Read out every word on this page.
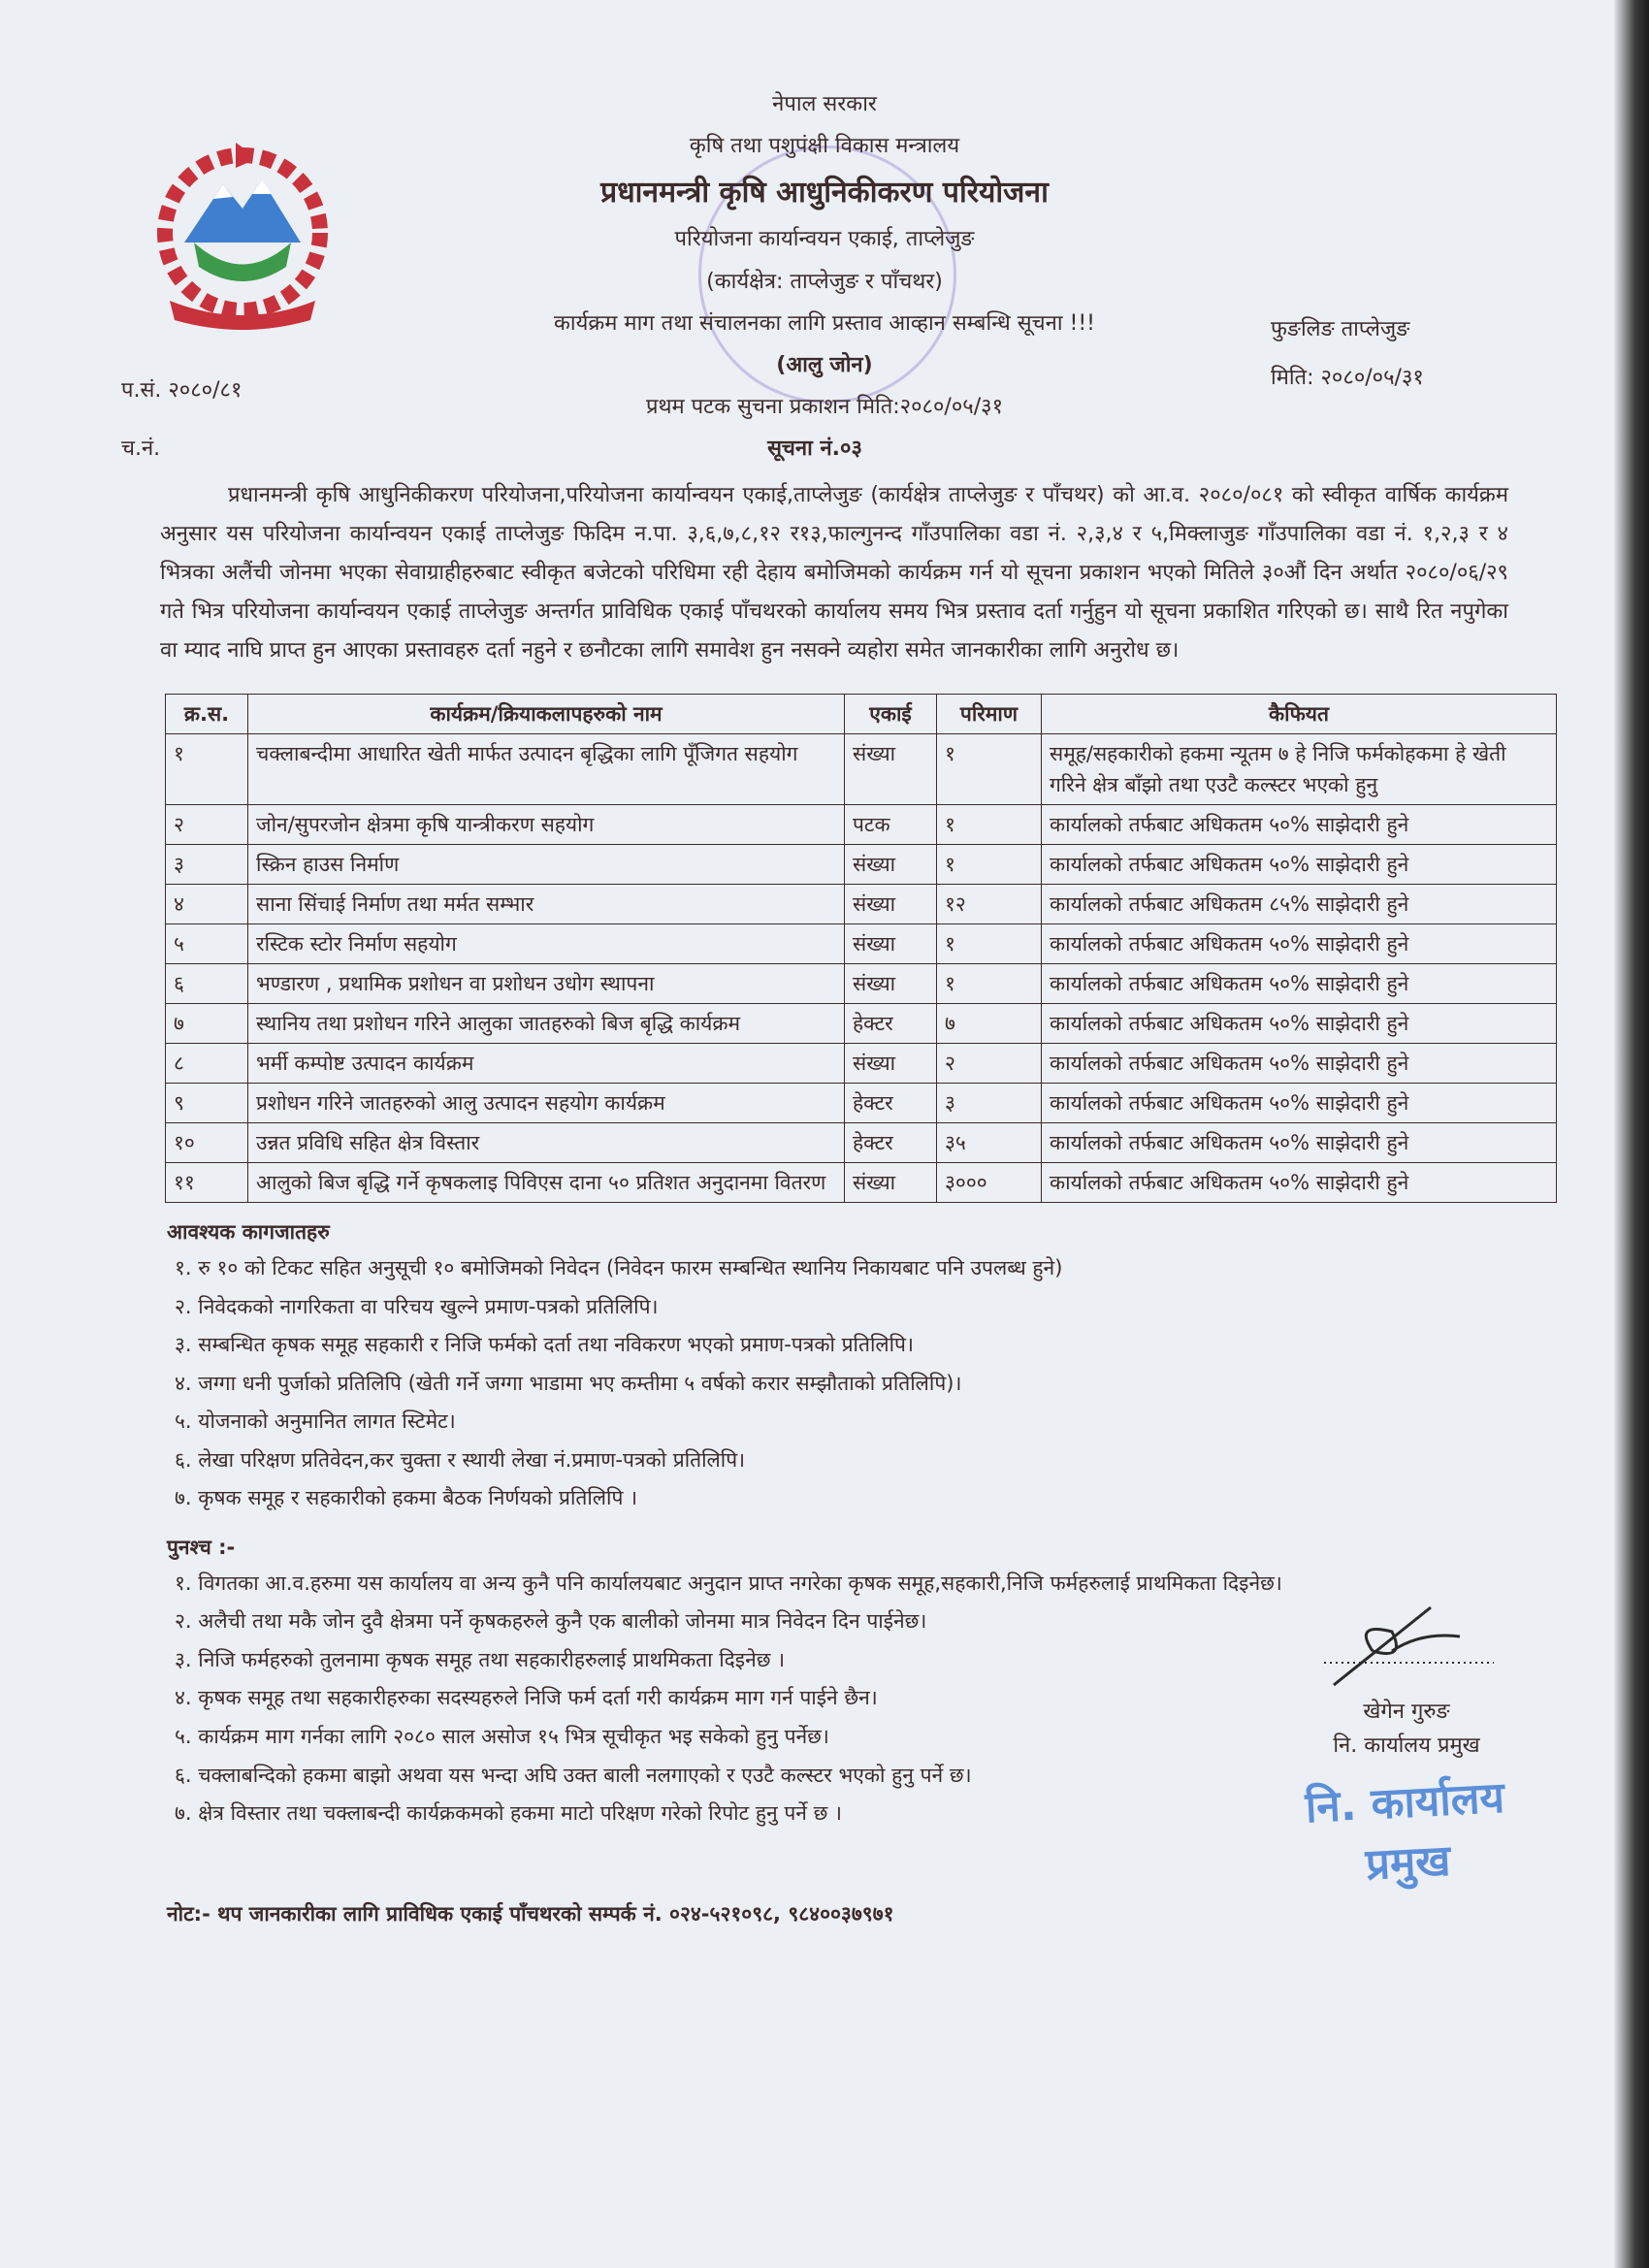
प.सं. २०८०/८१
फुङलिङ ताप्लेजुङ
मिति: २०८०/०५/३१
नेपाल सरकार
कृषि तथा पशुपंक्षी विकास मन्त्रालय
प्रधानमन्त्री कृषि आधुनिकीकरण परियोजना
परियोजना कार्यान्वयन एकाई, ताप्लेजुङ
(कार्यक्षेत्र: ताप्लेजुङ र पाँचथर)
कार्यक्रम माग तथा संचालनका लागि प्रस्ताव आव्हान सम्बन्धि सूचना !!!
(आलु जोन)
प्रथम पटक सुचना प्रकाशन मिति:२०८०/०५/३१
च.नं.	सूचना नं.०३
प्रधानमन्त्री कृषि आधुनिकीकरण परियोजना,परियोजना कार्यान्वयन एकाई,ताप्लेजुङ (कार्यक्षेत्र ताप्लेजुङ र पाँचथर) को आ.व. २०८०/०८१ को स्वीकृत वार्षिक कार्यक्रम अनुसार यस परियोजना कार्यान्वयन एकाई ताप्लेजुङ फिदिम न.पा. ३,६,७,८,१२ र१३,फाल्गुनन्द गाँउपालिका वडा नं. २,३,४ र ५,मिक्लाजुङ गाँउपालिका वडा नं. १,२,३ र ४ भित्रका अलैंची जोनमा भएका सेवाग्राहीहरुबाट स्वीकृत बजेटको परिधिमा रही देहाय बमोजिमको कार्यक्रम गर्न यो सूचना प्रकाशन भएको मितिले ३०औं दिन अर्थात २०८०/०६/२९ गते भित्र परियोजना कार्यान्वयन एकाई ताप्लेजुङ अन्तर्गत प्राविधिक एकाई पाँचथरको कार्यालय समय भित्र प्रस्ताव दर्ता गर्नुहुन यो सूचना प्रकाशित गरिएको छ। साथै रित नपुगेका वा म्याद नाघि प्राप्त हुन आएका प्रस्तावहरु दर्ता नहुने र छनौटका लागि समावेश हुन नसक्ने व्यहोरा समेत जानकारीका लागि अनुरोध छ।
क्र.स.	कार्यक्रम/क्रियाकलापहरुको नाम	एकाई	परिमाण	कैफियत
१	चक्लाबन्दीमा आधारित खेती मार्फत उत्पादन बृद्धिका लागि पूँजिगत सहयोग	संख्या	१	समूह/सहकारीको हकमा न्यूतम ७ हे निजि फर्मकोहकमा हे खेती गरिने क्षेत्र बाँझो तथा एउटै कल्स्टर भएको हुनु
२	जोन/सुपरजोन क्षेत्रमा कृषि यान्त्रीकरण सहयोग	पटक	१	कार्यालको तर्फबाट अधिकतम ५०% साझेदारी हुने
३	स्क्रिन हाउस निर्माण	संख्या	१	कार्यालको तर्फबाट अधिकतम ५०% साझेदारी हुने
४	साना सिंचाई निर्माण तथा मर्मत सम्भार	संख्या	१२	कार्यालको तर्फबाट अधिकतम ८५% साझेदारी हुने
५	रस्टिक स्टोर निर्माण सहयोग	संख्या	१	कार्यालको तर्फबाट अधिकतम ५०% साझेदारी हुने
६	भण्डारण , प्रथामिक प्रशोधन वा प्रशोधन उधोग स्थापना	संख्या	१	कार्यालको तर्फबाट अधिकतम ५०% साझेदारी हुने
७	स्थानिय तथा प्रशोधन गरिने आलुका जातहरुको बिज बृद्धि कार्यक्रम	हेक्टर	७	कार्यालको तर्फबाट अधिकतम ५०% साझेदारी हुने
८	भर्मी कम्पोष्ट उत्पादन कार्यक्रम	संख्या	२	कार्यालको तर्फबाट अधिकतम ५०% साझेदारी हुने
९	प्रशोधन गरिने जातहरुको आलु उत्पादन सहयोग कार्यक्रम	हेक्टर	३	कार्यालको तर्फबाट अधिकतम ५०% साझेदारी हुने
१०	उन्नत प्रविधि सहित क्षेत्र विस्तार	हेक्टर	३५	कार्यालको तर्फबाट अधिकतम ५०% साझेदारी हुने
११	आलुको बिज बृद्धि गर्ने कृषकलाइ पिविएस दाना ५० प्रतिशत अनुदानमा वितरण	संख्या	३०००	कार्यालको तर्फबाट अधिकतम ५०% साझेदारी हुने
आवश्यक कागजातहरु
१. रु १० को टिकट सहित अनुसूची १० बमोजिमको निवेदन (निवेदन फारम सम्बन्धित स्थानिय निकायबाट पनि उपलब्ध हुने)
२. निवेदकको नागरिकता वा परिचय खुल्ने प्रमाण-पत्रको प्रतिलिपि।
३. सम्बन्धित कृषक समूह सहकारी र निजि फर्मको दर्ता तथा नविकरण भएको प्रमाण-पत्रको प्रतिलिपि।
४. जग्गा धनी पुर्जाको प्रतिलिपि (खेती गर्ने जग्गा भाडामा भए कम्तीमा ५ वर्षको करार सम्झौताको प्रतिलिपि)।
५. योजनाको अनुमानित लागत स्टिमेट।
६. लेखा परिक्षण प्रतिवेदन,कर चुक्ता र स्थायी लेखा नं.प्रमाण-पत्रको प्रतिलिपि।
७. कृषक समूह र सहकारीको हकमा बैठक निर्णयको प्रतिलिपि ।
पुनश्च :-
१. विगतका आ.व.हरुमा यस कार्यालय वा अन्य कुनै पनि कार्यालयबाट अनुदान प्राप्त नगरेका कृषक समूह,सहकारी,निजि फर्महरुलाई प्राथमिकता दिइनेछ।
२. अलैची तथा मकै जोन दुवै क्षेत्रमा पर्ने कृषकहरुले कुनै एक बालीको जोनमा मात्र निवेदन दिन पाईनेछ।
३. निजि फर्महरुको तुलनामा कृषक समूह तथा सहकारीहरुलाई प्राथमिकता दिइनेछ ।
४. कृषक समूह तथा सहकारीहरुका सदस्यहरुले निजि फर्म दर्ता गरी कार्यक्रम माग गर्न पाईने छैन।
५. कार्यक्रम माग गर्नका लागि २०८० साल असोज १५ भित्र सूचीकृत भइ सकेको हुनु पर्नेछ।
६. चक्लाबन्दिको हकमा बाझो अथवा यस भन्दा अघि उक्त बाली नलगाएको र एउटै कल्स्टर भएको हुनु पर्ने छ।
७. क्षेत्र विस्तार तथा चक्लाबन्दी कार्यक्रकमको हकमा माटो परिक्षण गरेको रिपोट हुनु पर्ने छ ।
खेगेन गुरुङ
नि. कार्यालय प्रमुख
नि. कार्यालय प्रमुख
नोट:- थप जानकारीका लागि प्राविधिक एकाई पाँचथरको सम्पर्क नं. ०२४-५२१०९८, ९८४००३७९७१
